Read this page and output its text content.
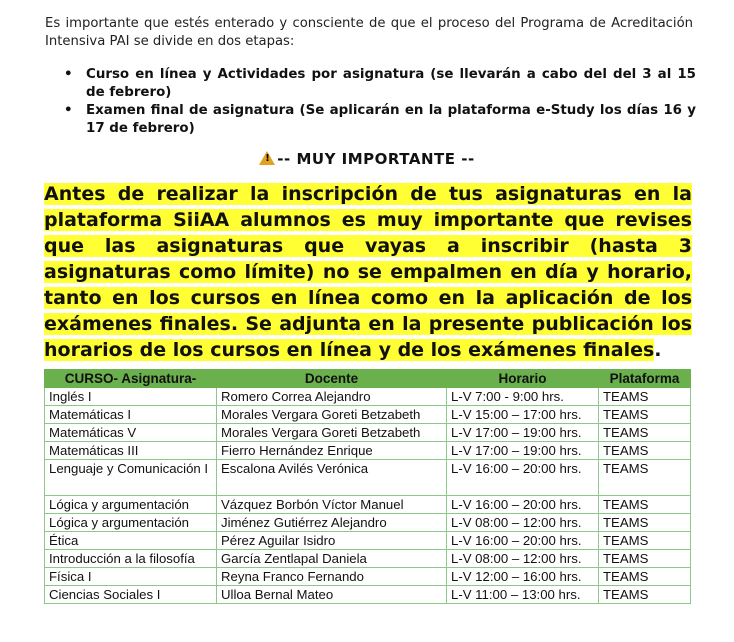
Es importante que estés enterado y consciente de que el proceso del Programa de Acreditación Intensiva PAI se divide en dos etapas:
• Curso en línea y Actividades por asignatura (se llevarán a cabo del del 3 al 15 de febrero)
• Examen final de asignatura (Se aplicarán en la plataforma e-Study los días 16 y 17 de febrero)
!-- MUY IMPORTANTE --
Antes de realizar la inscripción de tus asignaturas en la plataforma SiiAA alumnos es muy importante que revises que las asignaturas que vayas a inscribir (hasta 3 asignaturas como límite) no se empalmen en día y horario, tanto en los cursos en línea como en la aplicación de los exámenes finales. Se adjunta en la presente publicación los horarios de los cursos en línea y de los exámenes finales.
CURSO- Asignatura-	Docente	Horario	Plataforma
Inglés I	Romero Correa Alejandro	L-V 7:00 - 9:00 hrs.	TEAMS
Matemáticas I	Morales Vergara Goreti Betzabeth	L-V 15:00 – 17:00 hrs.	TEAMS
Matemáticas V	Morales Vergara Goreti Betzabeth	L-V 17:00 – 19:00 hrs.	TEAMS
Matemáticas III	Fierro Hernández Enrique	L-V 17:00 – 19:00 hrs.	TEAMS
Lenguaje y Comunicación I	Escalona Avilés Verónica	L-V 16:00 – 20:00 hrs.	TEAMS
Lógica y argumentación	Vázquez Borbón Víctor Manuel	L-V 16:00 – 20:00 hrs.	TEAMS
Lógica y argumentación	Jiménez Gutiérrez Alejandro	L-V 08:00 – 12:00 hrs.	TEAMS
Ética	Pérez Aguilar Isidro	L-V 16:00 – 20:00 hrs.	TEAMS
Introducción a la filosofía	García Zentlapal Daniela	L-V 08:00 – 12:00 hrs.	TEAMS
Física I	Reyna Franco Fernando	L-V 12:00 – 16:00 hrs.	TEAMS
Ciencias Sociales I	Ulloa Bernal Mateo	L-V 11:00 – 13:00 hrs.	TEAMS
